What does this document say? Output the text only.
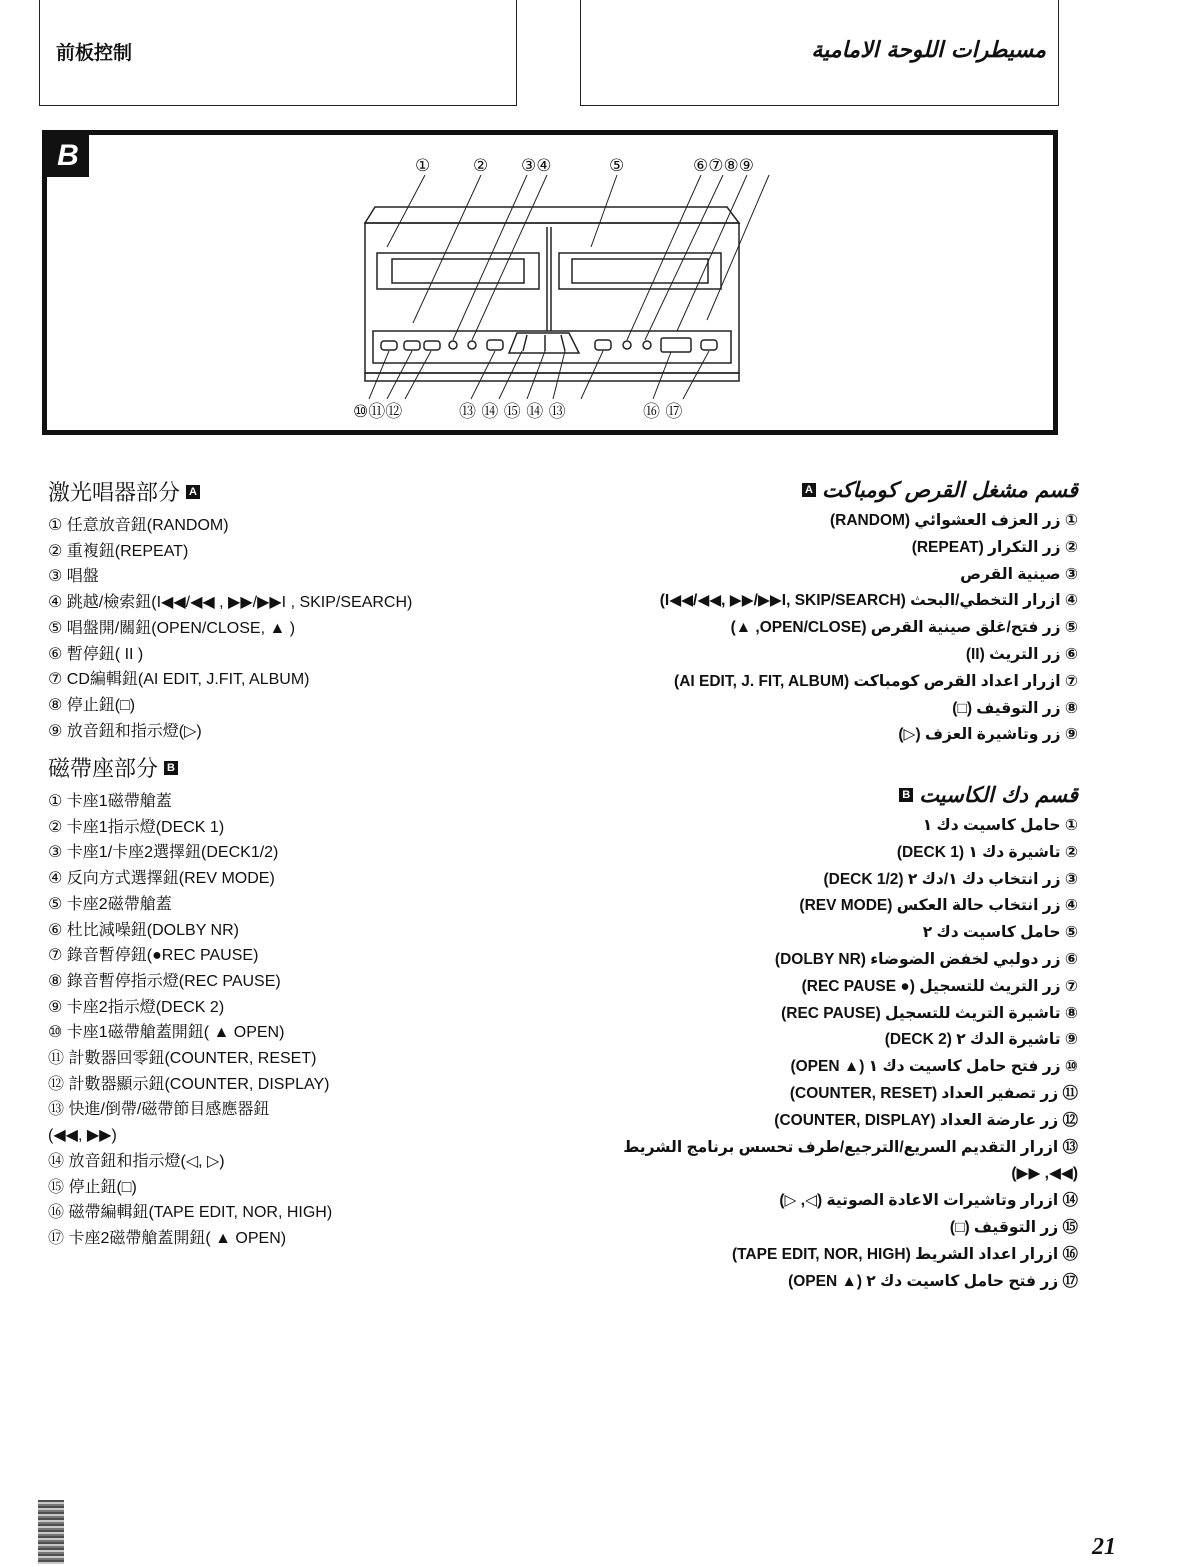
前板控制	مسيطرات اللوحة الامامية
B	①	② ③④	⑤	⑥⑦⑧⑨
⑩⑪⑫	⑬ ⑭ ⑮ ⑭ ⑬	⑯ ⑰
激光唱器部分 A
① 任意放音鈕(RANDOM)
② 重複鈕(REPEAT)
③ 唱盤
④ 跳越/檢索鈕(I◀◀/◀◀ , ▶▶/▶▶I , SKIP/SEARCH)
⑤ 唱盤開/關鈕(OPEN/CLOSE, ▲ )
⑥ 暫停鈕( II )
⑦ CD編輯鈕(AI EDIT, J.FIT, ALBUM)
⑧ 停止鈕(□)
⑨ 放音鈕和指示燈(▷)
磁帶座部分 B
① 卡座1磁帶艙蓋
② 卡座1指示燈(DECK 1)
③ 卡座1/卡座2選擇鈕(DECK1/2)
④ 反向方式選擇鈕(REV MODE)
⑤ 卡座2磁帶艙蓋
⑥ 杜比減噪鈕(DOLBY NR)
⑦ 錄音暫停鈕(●REC PAUSE)
⑧ 錄音暫停指示燈(REC PAUSE)
⑨ 卡座2指示燈(DECK 2)
⑩ 卡座1磁帶艙蓋開鈕( ▲ OPEN)
⑪ 計數器回零鈕(COUNTER, RESET)
⑫ 計數器顯示鈕(COUNTER, DISPLAY)
⑬ 快進/倒帶/磁帶節目感應器鈕
(◀◀, ▶▶)
⑭ 放音鈕和指示燈(◁, ▷)
⑮ 停止鈕(□)
⑯ 磁帶編輯鈕(TAPE EDIT, NOR, HIGH)
⑰ 卡座2磁帶艙蓋開鈕( ▲ OPEN)
قسم مشغل القرص كومباكت
A
① زر العزف العشوائي (RANDOM)
② زر التكرار (REPEAT)
③ صينية القرص
④ ازرار التخطي/البحث (I◀◀/◀◀, ▶▶/▶▶I, SKIP/SEARCH)
⑤ زر فتح/غلق صينية القرص (OPEN/CLOSE, ▲)
⑥ زر التريث (II)
⑦ ازرار اعداد القرص كومباكت (AI EDIT, J. FIT, ALBUM)
⑧ زر التوقيف (□)
⑨ زر وتاشيرة العزف (▷)
قسم دك الكاسيت
B
① حامل كاسيت دك ١
② تاشيرة دك ١ (DECK 1)
③ زر انتخاب دك ١/دك ٢ (DECK 1/2)
④ زر انتخاب حالة العكس (REV MODE)
⑤ حامل كاسيت دك ٢
⑥ زر دولبي لخفض الضوضاء (DOLBY NR)
⑦ زر التريث للتسجيل (● REC PAUSE)
⑧ تاشيرة التريث للتسجيل (REC PAUSE)
⑨ تاشيرة الدك ٢ (DECK 2)
⑩ زر فتح حامل كاسيت دك ١ (▲ OPEN)
⑪ زر تصفير العداد (COUNTER, RESET)
⑫ زر عارضة العداد (COUNTER, DISPLAY)
⑬ ازرار التقديم السريع/الترجيع/طرف تحسس برنامج الشريط
(◀◀, ▶▶)
⑭ ازرار وتاشيرات الاعادة الصوتية (◁, ▷)
⑮ زر التوقيف (□)
⑯ ازرار اعداد الشريط (TAPE EDIT, NOR, HIGH)
⑰ زر فتح حامل كاسيت دك ٢ (▲ OPEN)
21
